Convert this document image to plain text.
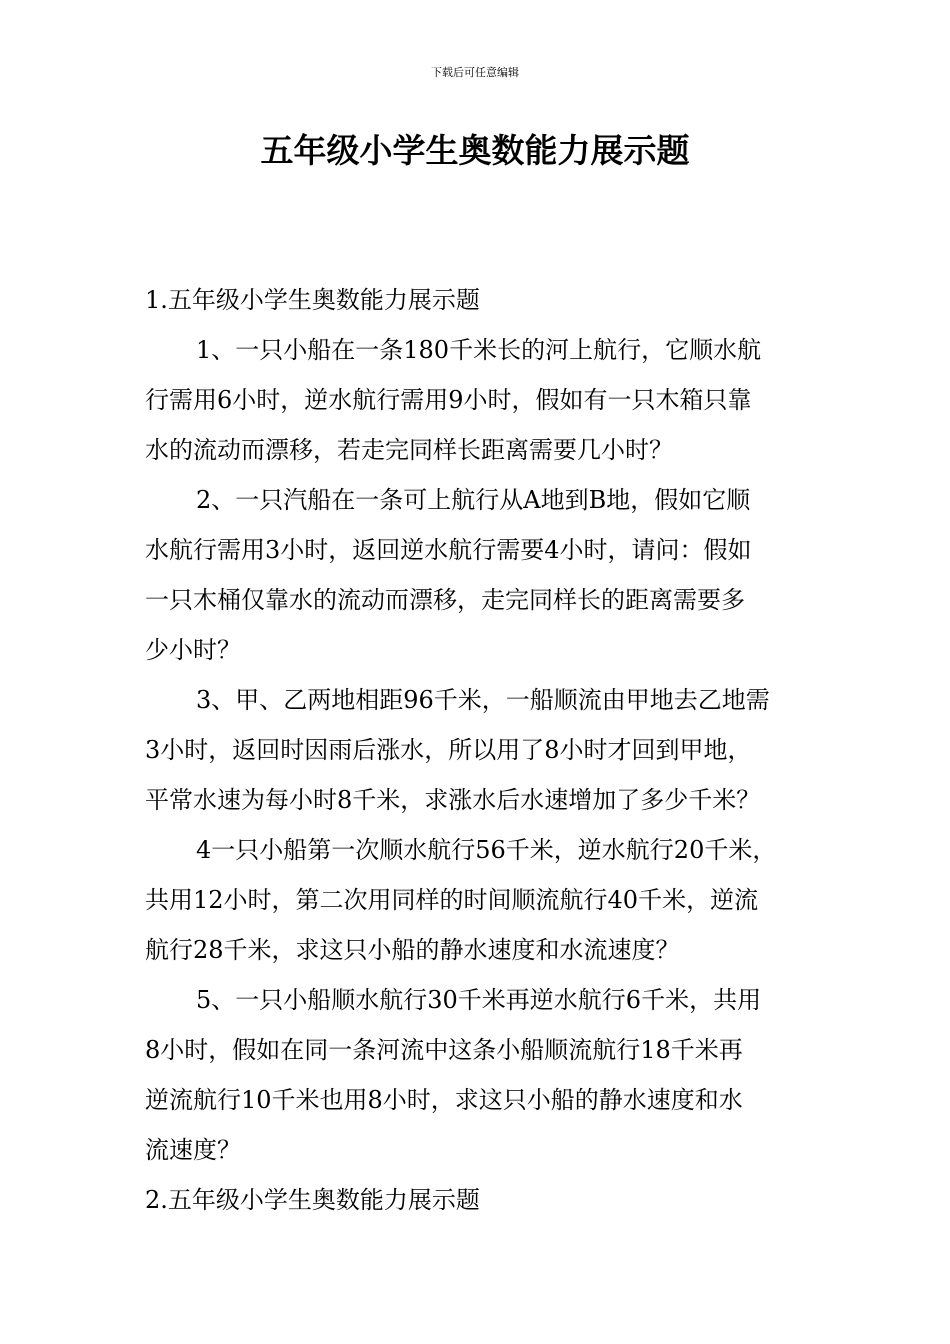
下载后可任意编辑
五年级小学生奥数能力展示题
1.五年级小学生奥数能力展示题
1、一只小船在一条180千米长的河上航行，它顺水航
行需用6小时，逆水航行需用9小时，假如有一只木箱只靠
水的流动而漂移，若走完同样长距离需要几小时？
2、一只汽船在一条可上航行从A地到B地，假如它顺
水航行需用3小时，返回逆水航行需要4小时，请问：假如
一只木桶仅靠水的流动而漂移，走完同样长的距离需要多
少小时？
3、甲、乙两地相距96千米，一船顺流由甲地去乙地需
3小时，返回时因雨后涨水，所以用了8小时才回到甲地，
平常水速为每小时8千米，求涨水后水速增加了多少千米？
4一只小船第一次顺水航行56千米，逆水航行20千米，
共用12小时，第二次用同样的时间顺流航行40千米，逆流
航行28千米，求这只小船的静水速度和水流速度？
5、一只小船顺水航行30千米再逆水航行6千米，共用
8小时，假如在同一条河流中这条小船顺流航行18千米再
逆流航行10千米也用8小时，求这只小船的静水速度和水
流速度？
2.五年级小学生奥数能力展示题
